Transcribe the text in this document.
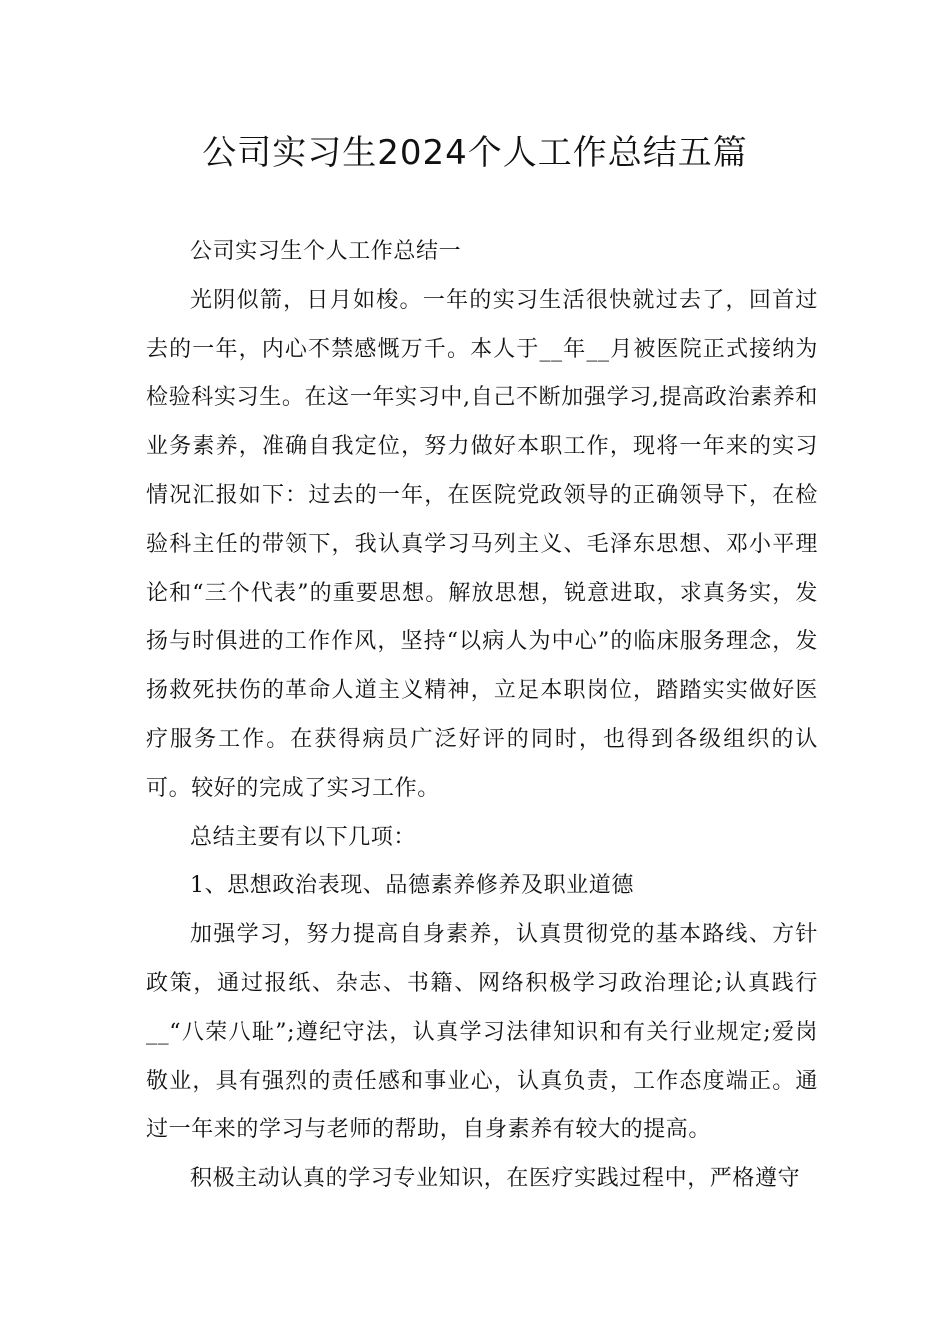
公司实习生2024个人工作总结五篇

公司实习生个人工作总结一

光阴似箭，日月如梭。一年的实习生活很快就过去了，回首过去的一年，内心不禁感慨万千。本人于__年__月被医院正式接纳为检验科实习生。在这一年实习中,自己不断加强学习,提高政治素养和业务素养，准确自我定位，努力做好本职工作，现将一年来的实习情况汇报如下：过去的一年，在医院党政领导的正确领导下，在检验科主任的带领下，我认真学习马列主义、毛泽东思想、邓小平理论和“三个代表”的重要思想。解放思想，锐意进取，求真务实，发扬与时俱进的工作作风，坚持“以病人为中心”的临床服务理念，发扬救死扶伤的革命人道主义精神，立足本职岗位，踏踏实实做好医疗服务工作。在获得病员广泛好评的同时，也得到各级组织的认可。较好的完成了实习工作。

总结主要有以下几项：

1、思想政治表现、品德素养修养及职业道德

加强学习，努力提高自身素养，认真贯彻党的基本路线、方针政策，通过报纸、杂志、书籍、网络积极学习政治理论;认真践行__“八荣八耻”;遵纪守法，认真学习法律知识和有关行业规定;爱岗敬业，具有强烈的责任感和事业心，认真负责，工作态度端正。通过一年来的学习与老师的帮助，自身素养有较大的提高。

积极主动认真的学习专业知识，在医疗实践过程中，严格遵守
